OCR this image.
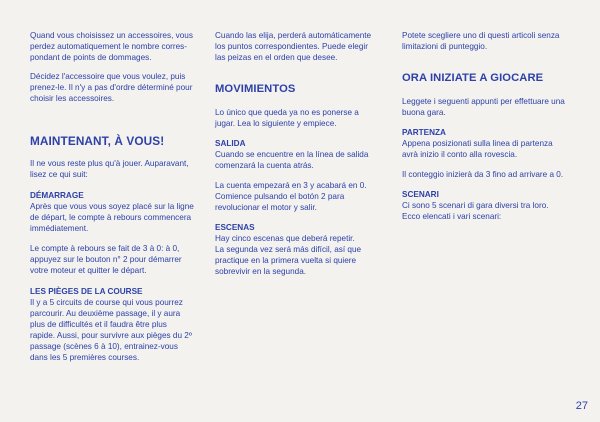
Quand vous choisissez un accessoires, vous
perdez automatiquement le nombre corres-
pondant de points de dommages.

Décidez l'accessoire que vous voulez, puis
prenez-le. Il n'y a pas d'ordre déterminé pour
choisir les accessoires.

MAINTENANT, À VOUS!

Il ne vous reste plus qu'à jouer. Auparavant,
lisez ce qui suit:

DÉMARRAGE

Après que vous vous soyez placé sur la ligne
de départ, le compte à rebours commencera
immédiatement.

Le compte à rebours se fait de 3 à 0: à 0,
appuyez sur le bouton n° 2 pour démarrer
votre moteur et quitter le départ.

LES PIÈGES DE LA COURSE

Il y a 5 circuits de course qui vous pourrez
parcourir. Au deuxième passage, il y aura
plus de difficultés et il faudra être plus
rapide. Aussi, pour survivre aux pièges du 2º
passage (scènes 6 à 10), entrainez-vous
dans les 5 premières courses.

Cuando las elija, perderá automáticamente
los puntos correspondientes. Puede elegir
las peizas en el orden que desee.

MOVIMIENTOS

Lo único que queda ya no es ponerse a
jugar. Lea lo siguiente y empiece.

SALIDA

Cuando se encuentre en la línea de salida
comenzará la cuenta atrás.

La cuenta empezará en 3 y acabará en 0.
Comience pulsando el botón 2 para
revolucionar el motor y salir.

ESCENAS

Hay cinco escenas que deberá repetir.
La segunda vez será más difícil, así que
practique en la primera vuelta si quiere
sobrevivir en la segunda.

Potete scegliere uno di questi articoli senza
limitazioni di punteggio.

ORA INIZIATE A GIOCARE

Leggete i seguenti appunti per effettuare una
buona gara.

PARTENZA

Appena posizionati sulla linea di partenza
avrà inizio il conto alla rovescia.

Il conteggio inizierà da 3 fino ad arrivare a 0.

SCENARI

Ci sono 5 scenari di gara diversi tra loro.
Ecco elencati i vari scenari:

27
